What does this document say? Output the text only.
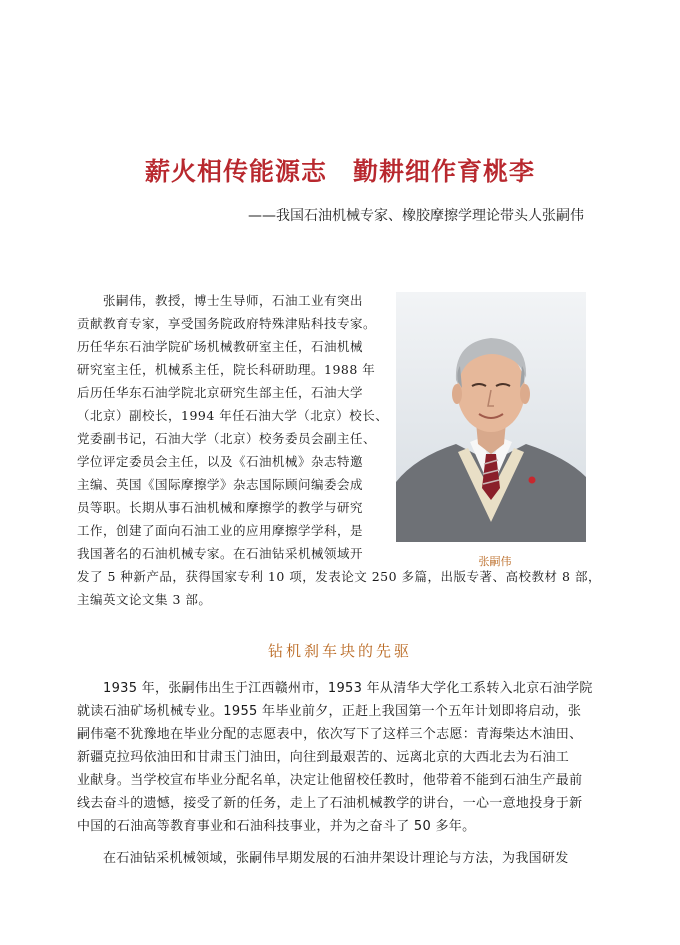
薪火相传能源志　勤耕细作育桃李
——我国石油机械专家、橡胶摩擦学理论带头人张嗣伟
张嗣伟，教授，博士生导师，石油工业有突出
贡献教育专家，享受国务院政府特殊津贴科技专家。
历任华东石油学院矿场机械教研室主任，石油机械
研究室主任，机械系主任，院长科研助理。1988 年
后历任华东石油学院北京研究生部主任，石油大学
（北京）副校长，1994 年任石油大学（北京）校长、
党委副书记，石油大学（北京）校务委员会副主任、
学位评定委员会主任，以及《石油机械》杂志特邀
主编、英国《国际摩擦学》杂志国际顾问编委会成
员等职。长期从事石油机械和摩擦学的教学与研究
工作，创建了面向石油工业的应用摩擦学学科，是
我国著名的石油机械专家。在石油钻采机械领域开
发了 5 种新产品，获得国家专利 10 项，发表论文 250 多篇，出版专著、高校教材 8 部，
主编英文论文集 3 部。
张嗣伟
钻机刹车块的先驱
1935 年，张嗣伟出生于江西赣州市，1953 年从清华大学化工系转入北京石油学院
就读石油矿场机械专业。1955 年毕业前夕，正赶上我国第一个五年计划即将启动，张
嗣伟毫不犹豫地在毕业分配的志愿表中，依次写下了这样三个志愿：青海柴达木油田、
新疆克拉玛依油田和甘肃玉门油田，向往到最艰苦的、远离北京的大西北去为石油工
业献身。当学校宣布毕业分配名单，决定让他留校任教时，他带着不能到石油生产最前
线去奋斗的遗憾，接受了新的任务，走上了石油机械教学的讲台，一心一意地投身于新
中国的石油高等教育事业和石油科技事业，并为之奋斗了 50 多年。
在石油钻采机械领域，张嗣伟早期发展的石油井架设计理论与方法，为我国研发
